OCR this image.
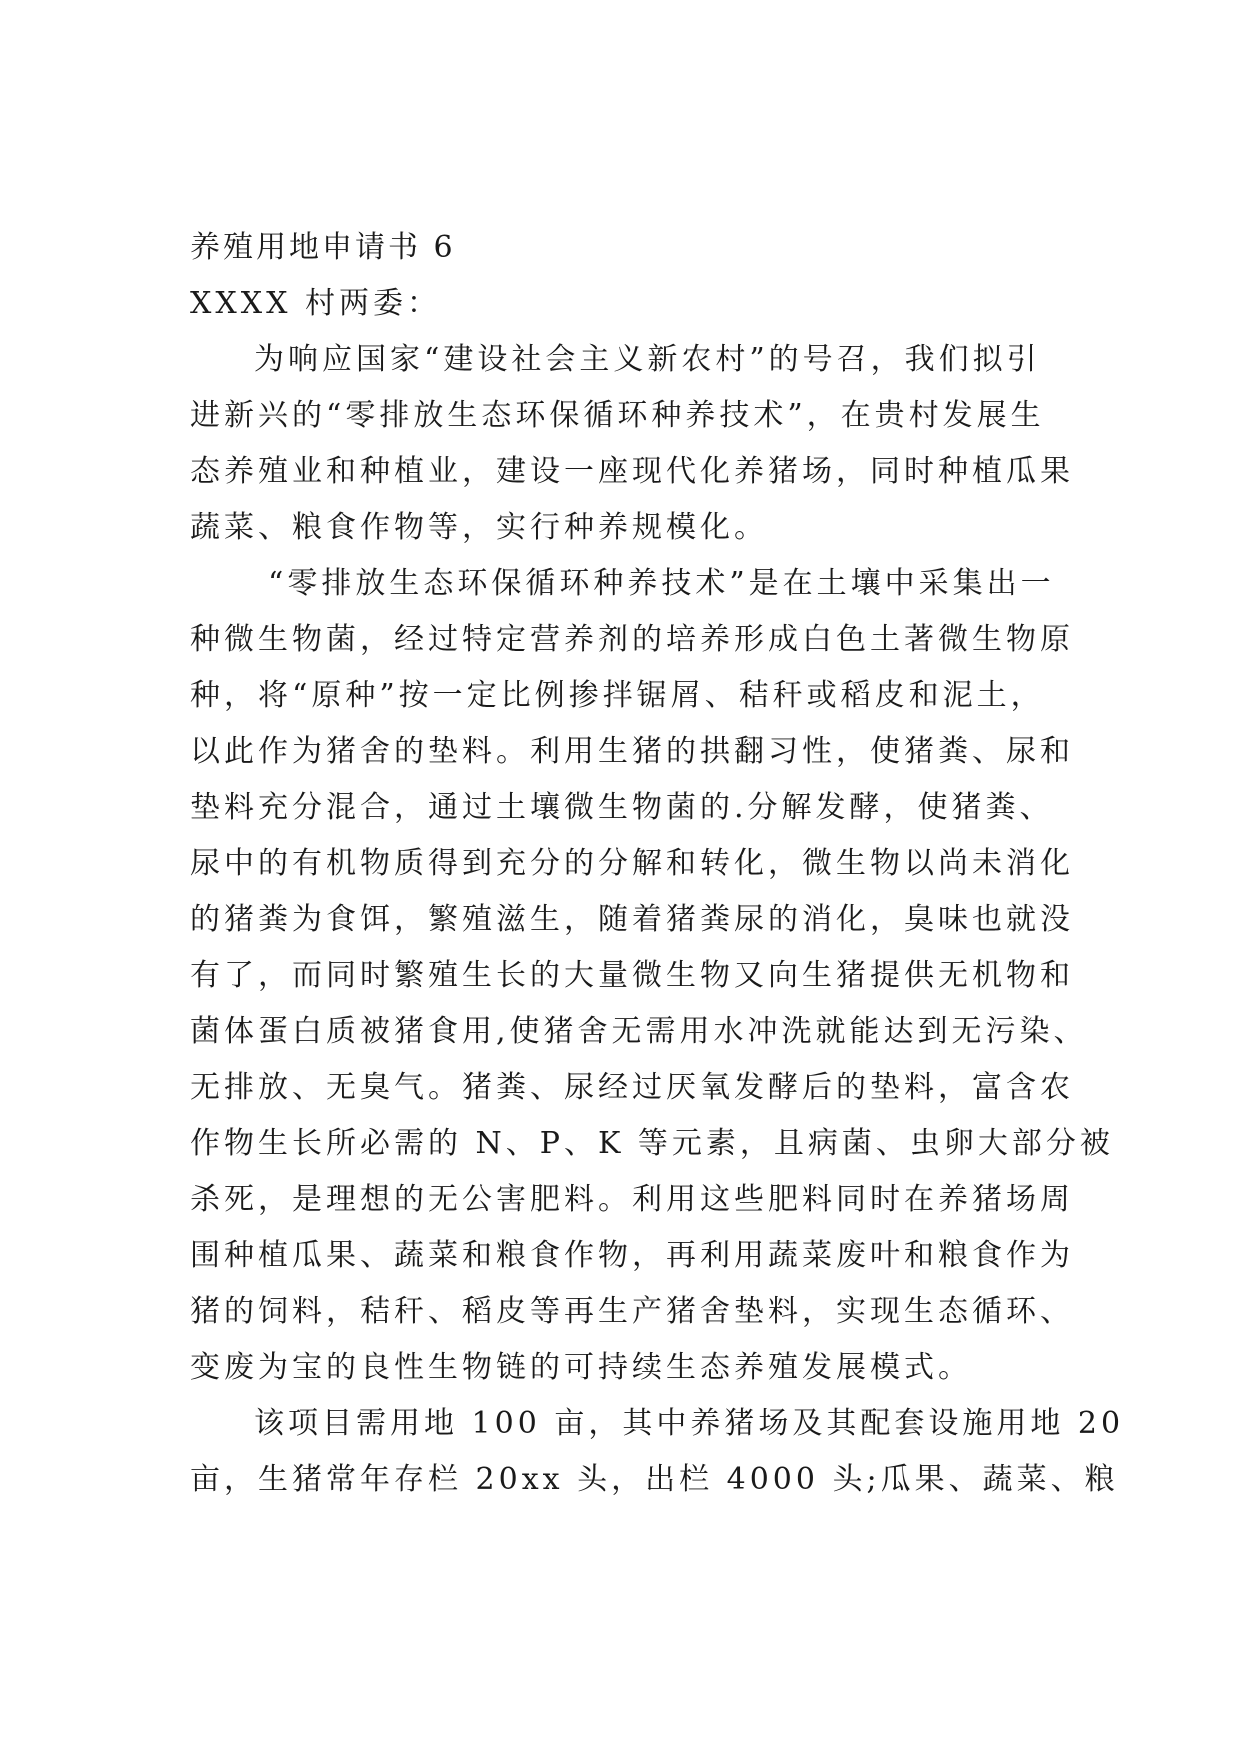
养殖用地申请书 6
XXXX 村两委：
为响应国家“建设社会主义新农村”的号召，我们拟引
进新兴的“零排放生态环保循环种养技术”，在贵村发展生
态养殖业和种植业，建设一座现代化养猪场，同时种植瓜果
蔬菜、粮食作物等，实行种养规模化。
“零排放生态环保循环种养技术”是在土壤中采集出一
种微生物菌，经过特定营养剂的培养形成白色土著微生物原
种，将“原种”按一定比例掺拌锯屑、秸秆或稻皮和泥土，
以此作为猪舍的垫料。利用生猪的拱翻习性，使猪粪、尿和
垫料充分混合，通过土壤微生物菌的.分解发酵，使猪粪、
尿中的有机物质得到充分的分解和转化，微生物以尚未消化
的猪粪为食饵，繁殖滋生，随着猪粪尿的消化，臭味也就没
有了，而同时繁殖生长的大量微生物又向生猪提供无机物和
菌体蛋白质被猪食用,使猪舍无需用水冲洗就能达到无污染、
无排放、无臭气。猪粪、尿经过厌氧发酵后的垫料，富含农
作物生长所必需的 N、P、K 等元素，且病菌、虫卵大部分被
杀死，是理想的无公害肥料。利用这些肥料同时在养猪场周
围种植瓜果、蔬菜和粮食作物，再利用蔬菜废叶和粮食作为
猪的饲料，秸秆、稻皮等再生产猪舍垫料，实现生态循环、
变废为宝的良性生物链的可持续生态养殖发展模式。
该项目需用地 100 亩，其中养猪场及其配套设施用地 20
亩，生猪常年存栏 20xx 头，出栏 4000 头;瓜果、蔬菜、粮
